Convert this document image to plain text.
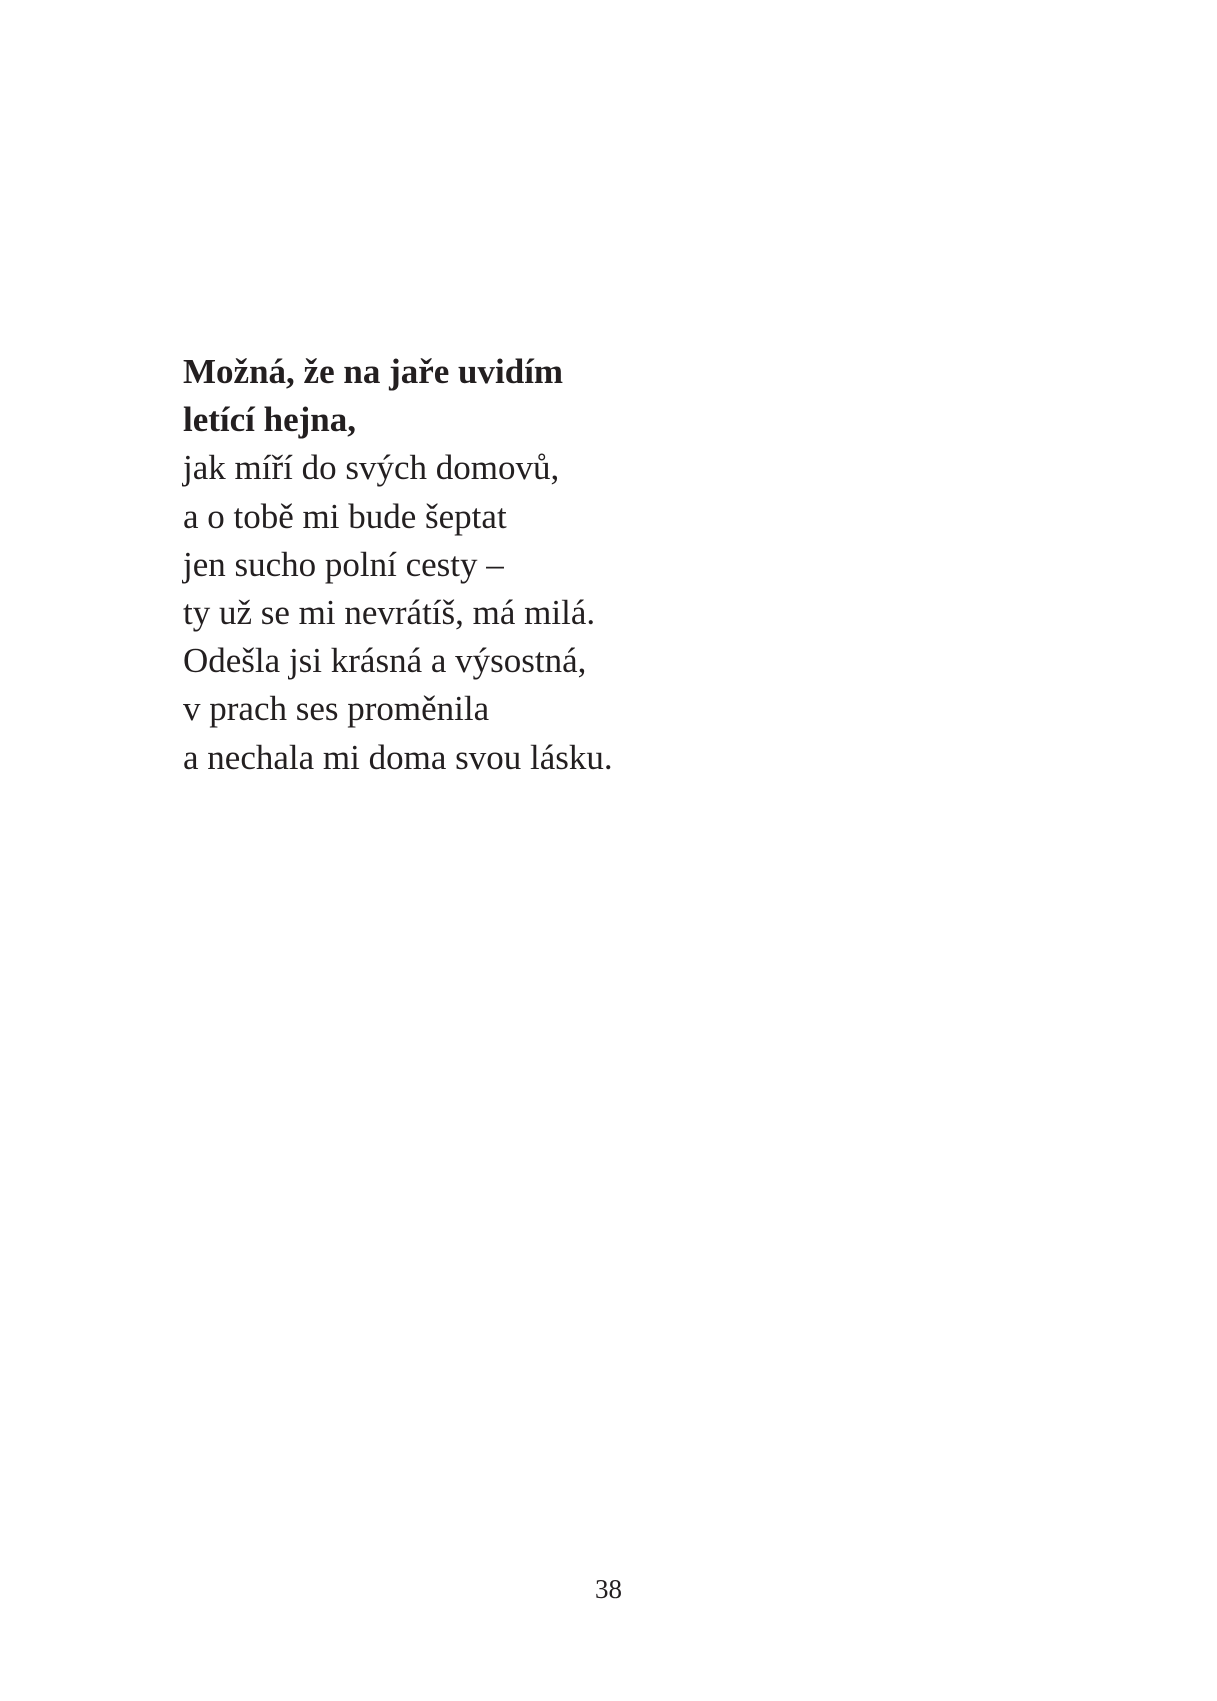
Možná, že na jaře uvidím
letící hejna,
jak míří do svých domovů,
a o tobě mi bude šeptat
jen sucho polní cesty –
ty už se mi nevrátíš, má milá.
Odešla jsi krásná a výsostná,
v prach ses proměnila
a nechala mi doma svou lásku.
38
